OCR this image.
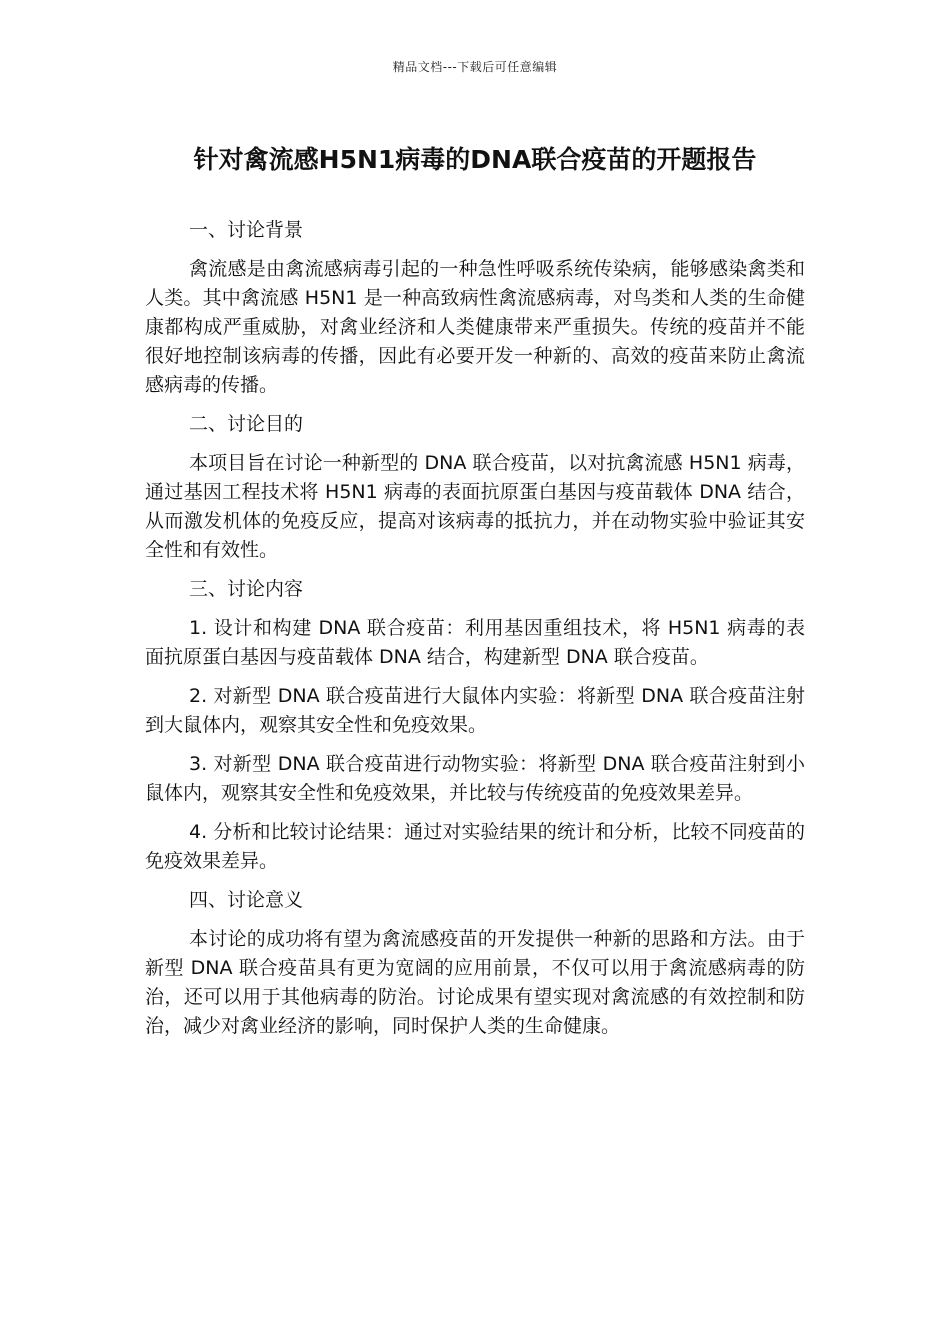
精品文档---下载后可任意编辑
针对禽流感H5N1病毒的DNA联合疫苗的开题报告

一、讨论背景

禽流感是由禽流感病毒引起的一种急性呼吸系统传染病，能够感染禽类和人类。其中禽流感 H5N1 是一种高致病性禽流感病毒，对鸟类和人类的生命健康都构成严重威胁，对禽业经济和人类健康带来严重损失。传统的疫苗并不能很好地控制该病毒的传播，因此有必要开发一种新的、高效的疫苗来防止禽流感病毒的传播。

二、讨论目的

本项目旨在讨论一种新型的 DNA 联合疫苗，以对抗禽流感 H5N1 病毒，通过基因工程技术将 H5N1 病毒的表面抗原蛋白基因与疫苗载体 DNA 结合，从而激发机体的免疫反应，提高对该病毒的抵抗力，并在动物实验中验证其安全性和有效性。

三、讨论内容

1. 设计和构建 DNA 联合疫苗：利用基因重组技术，将 H5N1 病毒的表面抗原蛋白基因与疫苗载体 DNA 结合，构建新型 DNA 联合疫苗。

2. 对新型 DNA 联合疫苗进行大鼠体内实验：将新型 DNA 联合疫苗注射到大鼠体内，观察其安全性和免疫效果。

3. 对新型 DNA 联合疫苗进行动物实验：将新型 DNA 联合疫苗注射到小鼠体内，观察其安全性和免疫效果，并比较与传统疫苗的免疫效果差异。

4. 分析和比较讨论结果：通过对实验结果的统计和分析，比较不同疫苗的免疫效果差异。

四、讨论意义

本讨论的成功将有望为禽流感疫苗的开发提供一种新的思路和方法。由于新型 DNA 联合疫苗具有更为宽阔的应用前景，不仅可以用于禽流感病毒的防治，还可以用于其他病毒的防治。讨论成果有望实现对禽流感的有效控制和防治，减少对禽业经济的影响，同时保护人类的生命健康。
